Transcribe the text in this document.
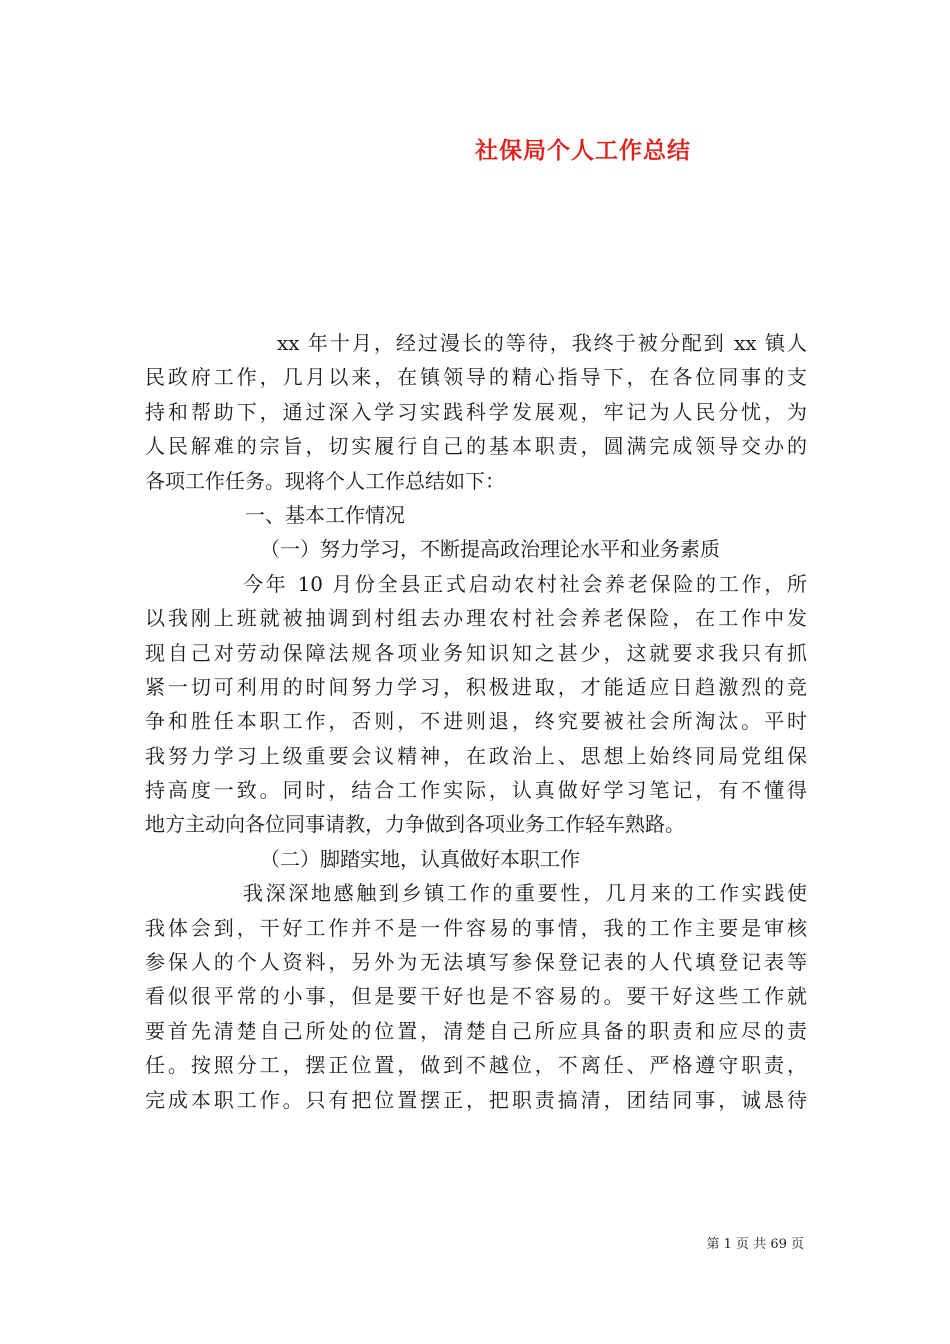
社保局个人工作总结
xx 年十月，经过漫长的等待，我终于被分配到 xx 镇人
民政府工作，几月以来，在镇领导的精心指导下，在各位同事的支
持和帮助下，通过深入学习实践科学发展观，牢记为人民分忧，为
人民解难的宗旨，切实履行自己的基本职责，圆满完成领导交办的
各项工作任务。现将个人工作总结如下：
一、基本工作情况
（一）努力学习，不断提高政治理论水平和业务素质
今年 10 月份全县正式启动农村社会养老保险的工作，所
以我刚上班就被抽调到村组去办理农村社会养老保险，在工作中发
现自己对劳动保障法规各项业务知识知之甚少，这就要求我只有抓
紧一切可利用的时间努力学习，积极进取，才能适应日趋激烈的竞
争和胜任本职工作，否则，不进则退，终究要被社会所淘汰。平时
我努力学习上级重要会议精神，在政治上、思想上始终同局党组保
持高度一致。同时，结合工作实际，认真做好学习笔记，有不懂得
地方主动向各位同事请教，力争做到各项业务工作轻车熟路。
（二）脚踏实地，认真做好本职工作
我深深地感触到乡镇工作的重要性，几月来的工作实践使
我体会到，干好工作并不是一件容易的事情，我的工作主要是审核
参保人的个人资料，另外为无法填写参保登记表的人代填登记表等
看似很平常的小事，但是要干好也是不容易的。要干好这些工作就
要首先清楚自己所处的位置，清楚自己所应具备的职责和应尽的责
任。按照分工，摆正位置，做到不越位，不离任、严格遵守职责，
完成本职工作。只有把位置摆正，把职责搞清，团结同事，诚恳待
第 1 页 共 69 页
